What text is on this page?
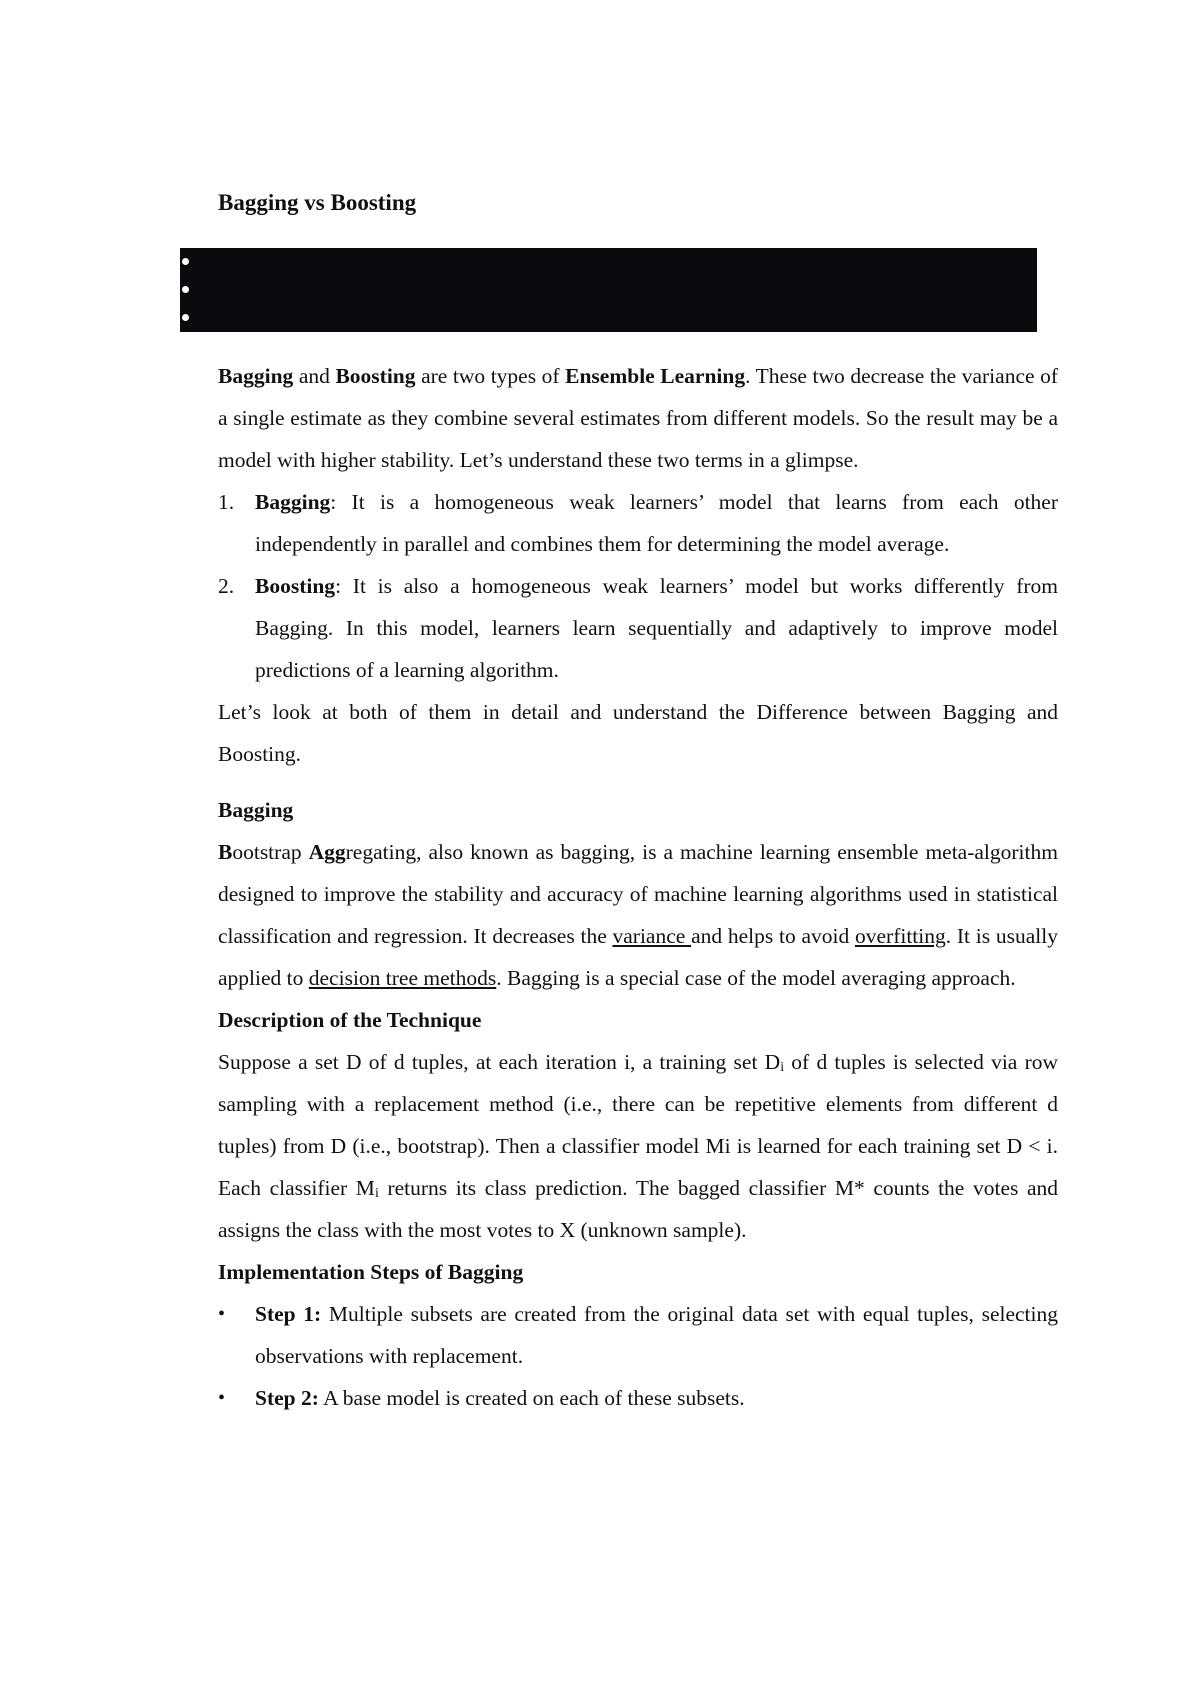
Bagging vs Boosting

Bagging and Boosting are two types of Ensemble Learning. These two decrease the variance of a single estimate as they combine several estimates from different models. So the result may be a model with higher stability. Let’s understand these two terms in a glimpse.

1. Bagging: It is a homogeneous weak learners’ model that learns from each other independently in parallel and combines them for determining the model average.
2. Boosting: It is also a homogeneous weak learners’ model but works differently from Bagging. In this model, learners learn sequentially and adaptively to improve model predictions of a learning algorithm.

Let’s look at both of them in detail and understand the Difference between Bagging and Boosting.

Bagging

Bootstrap Aggregating, also known as bagging, is a machine learning ensemble meta-algorithm designed to improve the stability and accuracy of machine learning algorithms used in statistical classification and regression. It decreases the variance and helps to avoid overfitting. It is usually applied to decision tree methods. Bagging is a special case of the model averaging approach.

Description of the Technique

Suppose a set D of d tuples, at each iteration i, a training set $D_i$ of d tuples is selected via row sampling with a replacement method (i.e., there can be repetitive elements from different d tuples) from D (i.e., bootstrap). Then a classifier model Mi is learned for each training set D < i. Each classifier $M_i$ returns its class prediction. The bagged classifier M* counts the votes and assigns the class with the most votes to X (unknown sample).

Implementation Steps of Bagging

• Step 1: Multiple subsets are created from the original data set with equal tuples, selecting observations with replacement.
• Step 2: A base model is created on each of these subsets.
